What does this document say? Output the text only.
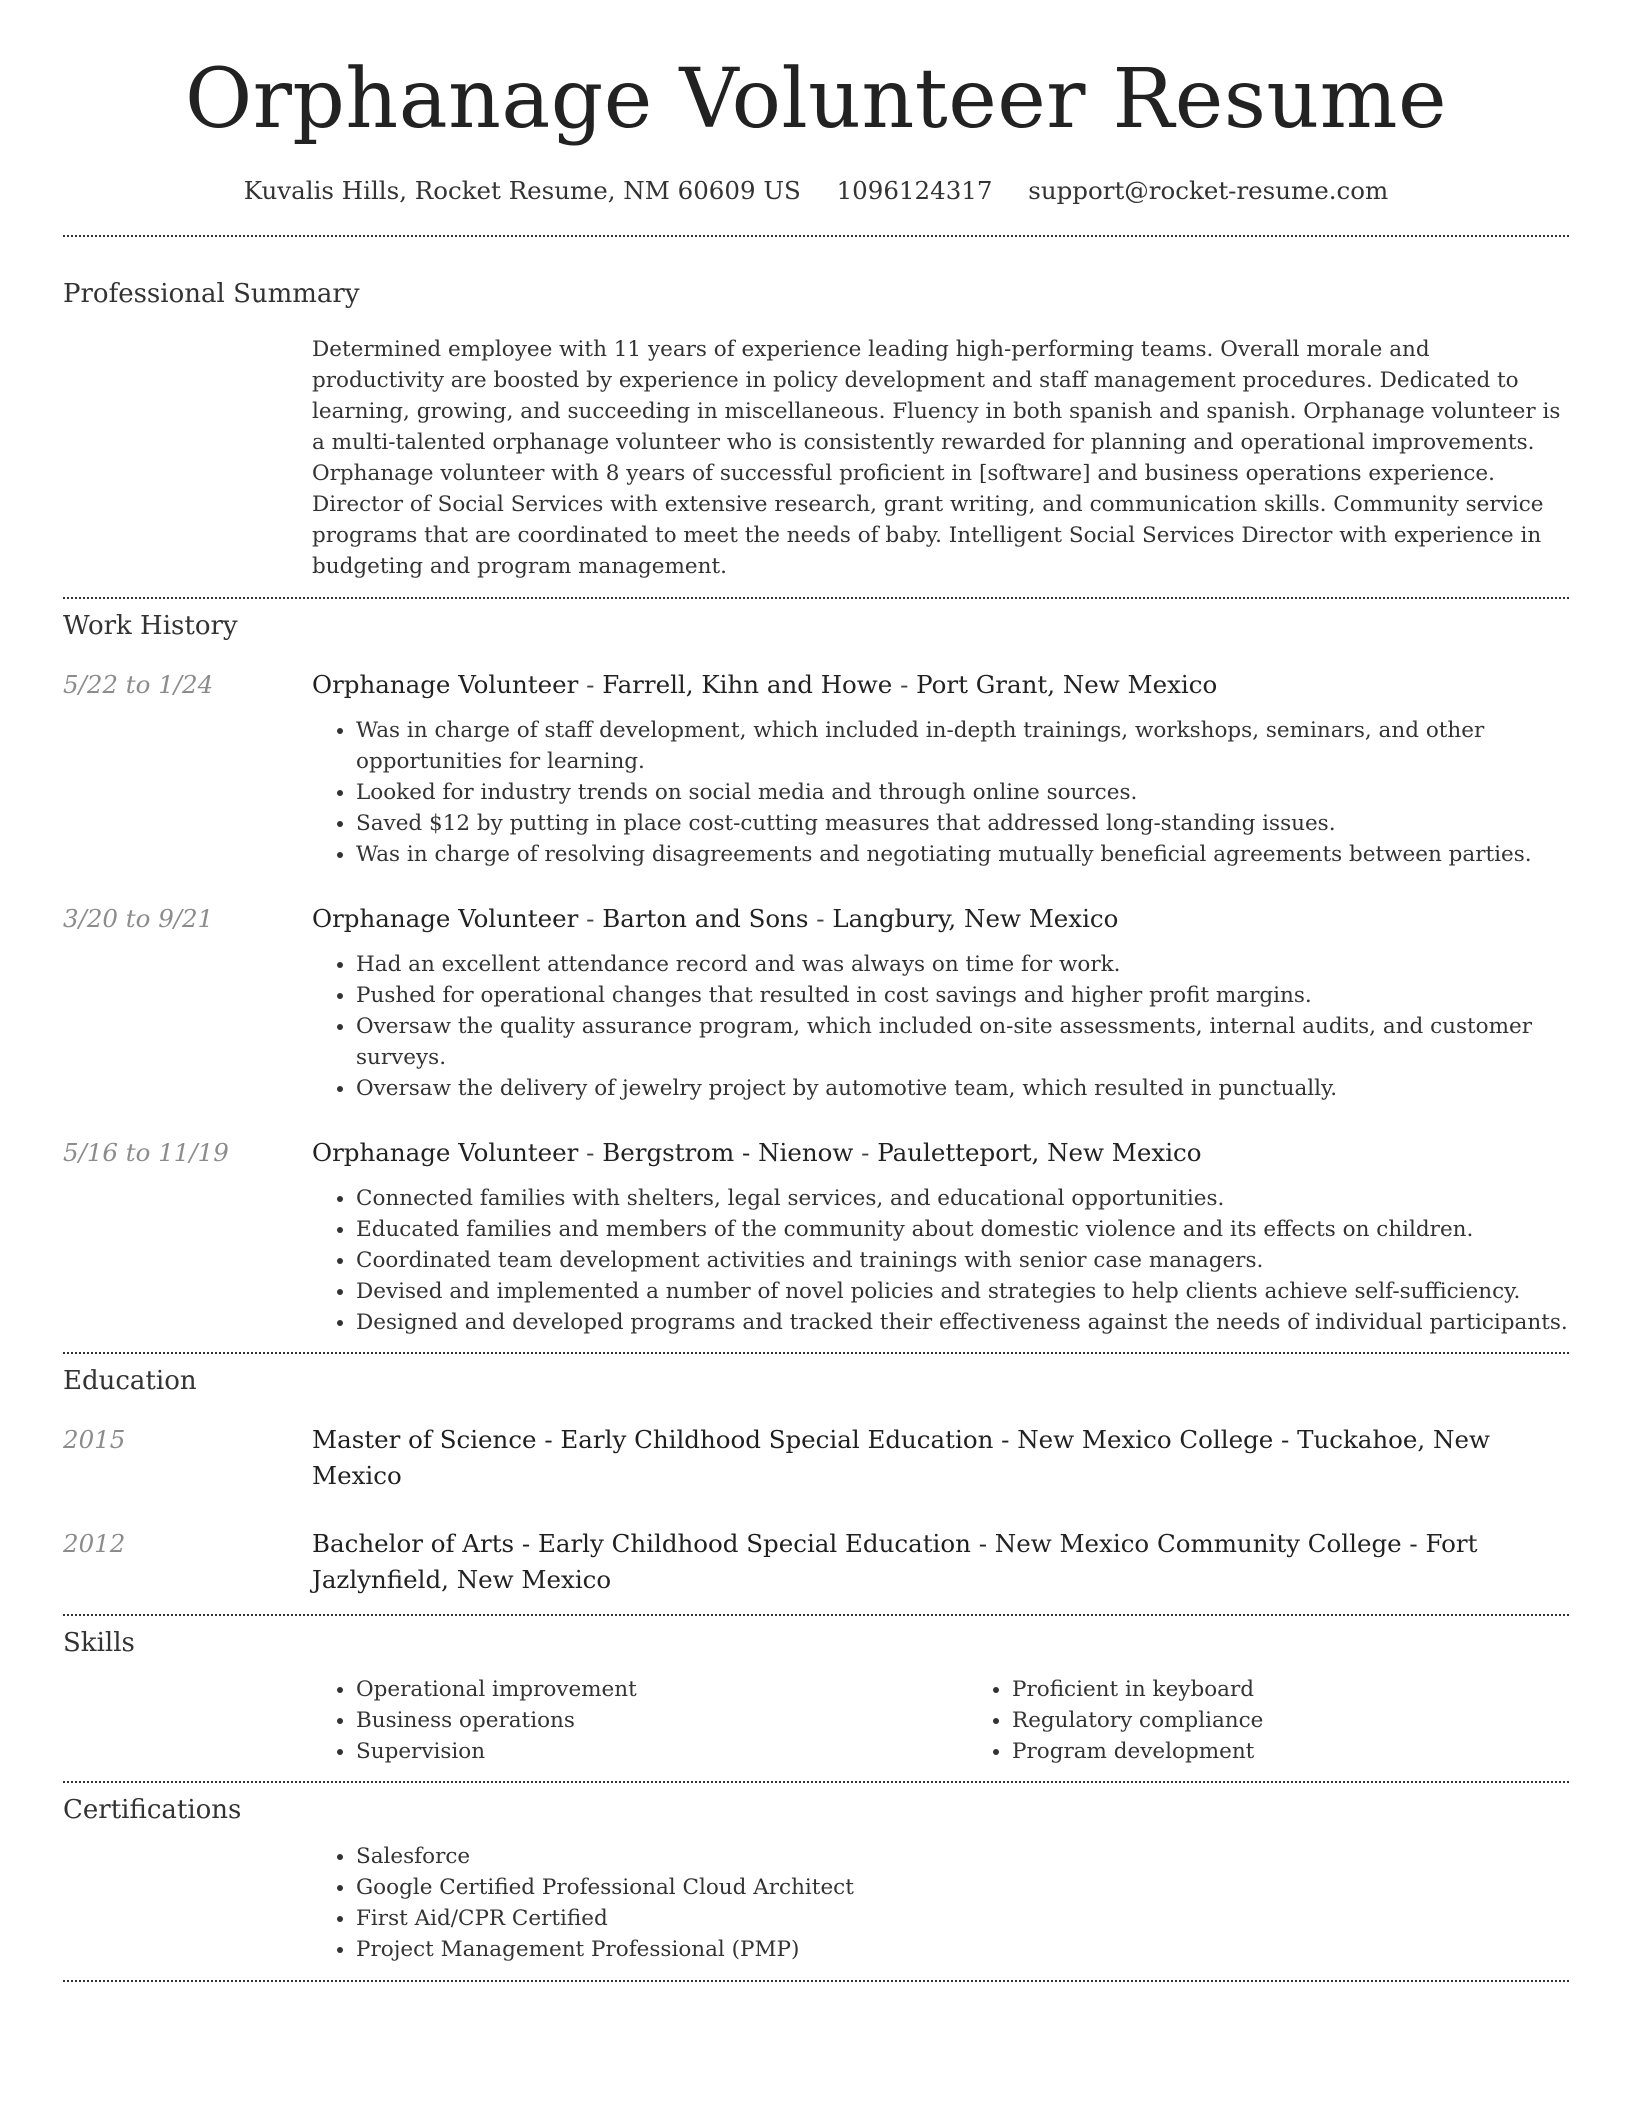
Orphanage Volunteer Resume
Kuvalis Hills, Rocket Resume, NM 60609 US 1096124317 support@rocket-resume.com
Professional Summary

Determined employee with 11 years of experience leading high-performing teams. Overall morale and productivity are boosted by experience in policy development and staff management procedures. Dedicated to learning, growing, and succeeding in miscellaneous. Fluency in both spanish and spanish. Orphanage volunteer is a multi-talented orphanage volunteer who is consistently rewarded for planning and operational improvements. Orphanage volunteer with 8 years of successful proficient in [software] and business operations experience. Director of Social Services with extensive research, grant writing, and communication skills. Community service programs that are coordinated to meet the needs of baby. Intelligent Social Services Director with experience in budgeting and program management.

Work History
5/22 to 1/24	Orphanage Volunteer - Farrell, Kihn and Howe - Port Grant, New Mexico

• Was in charge of staff development, which included in-depth trainings, workshops, seminars, and other opportunities for learning.
• Looked for industry trends on social media and through online sources.
• Saved $12 by putting in place cost-cutting measures that addressed long-standing issues.
• Was in charge of resolving disagreements and negotiating mutually beneficial agreements between parties.
3/20 to 9/21	Orphanage Volunteer - Barton and Sons - Langbury, New Mexico

• Had an excellent attendance record and was always on time for work.
• Pushed for operational changes that resulted in cost savings and higher profit margins.
• Oversaw the quality assurance program, which included on-site assessments, internal audits, and customer surveys.
• Oversaw the delivery of jewelry project by automotive team, which resulted in punctually.
5/16 to 11/19	Orphanage Volunteer - Bergstrom - Nienow - Pauletteport, New Mexico

• Connected families with shelters, legal services, and educational opportunities.
• Educated families and members of the community about domestic violence and its effects on children.
• Coordinated team development activities and trainings with senior case managers.
• Devised and implemented a number of novel policies and strategies to help clients achieve self-sufficiency.
• Designed and developed programs and tracked their effectiveness against the needs of individual participants.
Education
2015	Master of Science - Early Childhood Special Education - New Mexico College - Tuckahoe, New Mexico
2012	Bachelor of Arts - Early Childhood Special Education - New Mexico Community College - Fort Jazlynfield, New Mexico
Skills
• Operational improvement
• Business operations
• Supervision
• Proficient in keyboard
• Regulatory compliance
• Program development
Certifications
• Salesforce
• Google Certified Professional Cloud Architect
• First Aid/CPR Certified
• Project Management Professional (PMP)
